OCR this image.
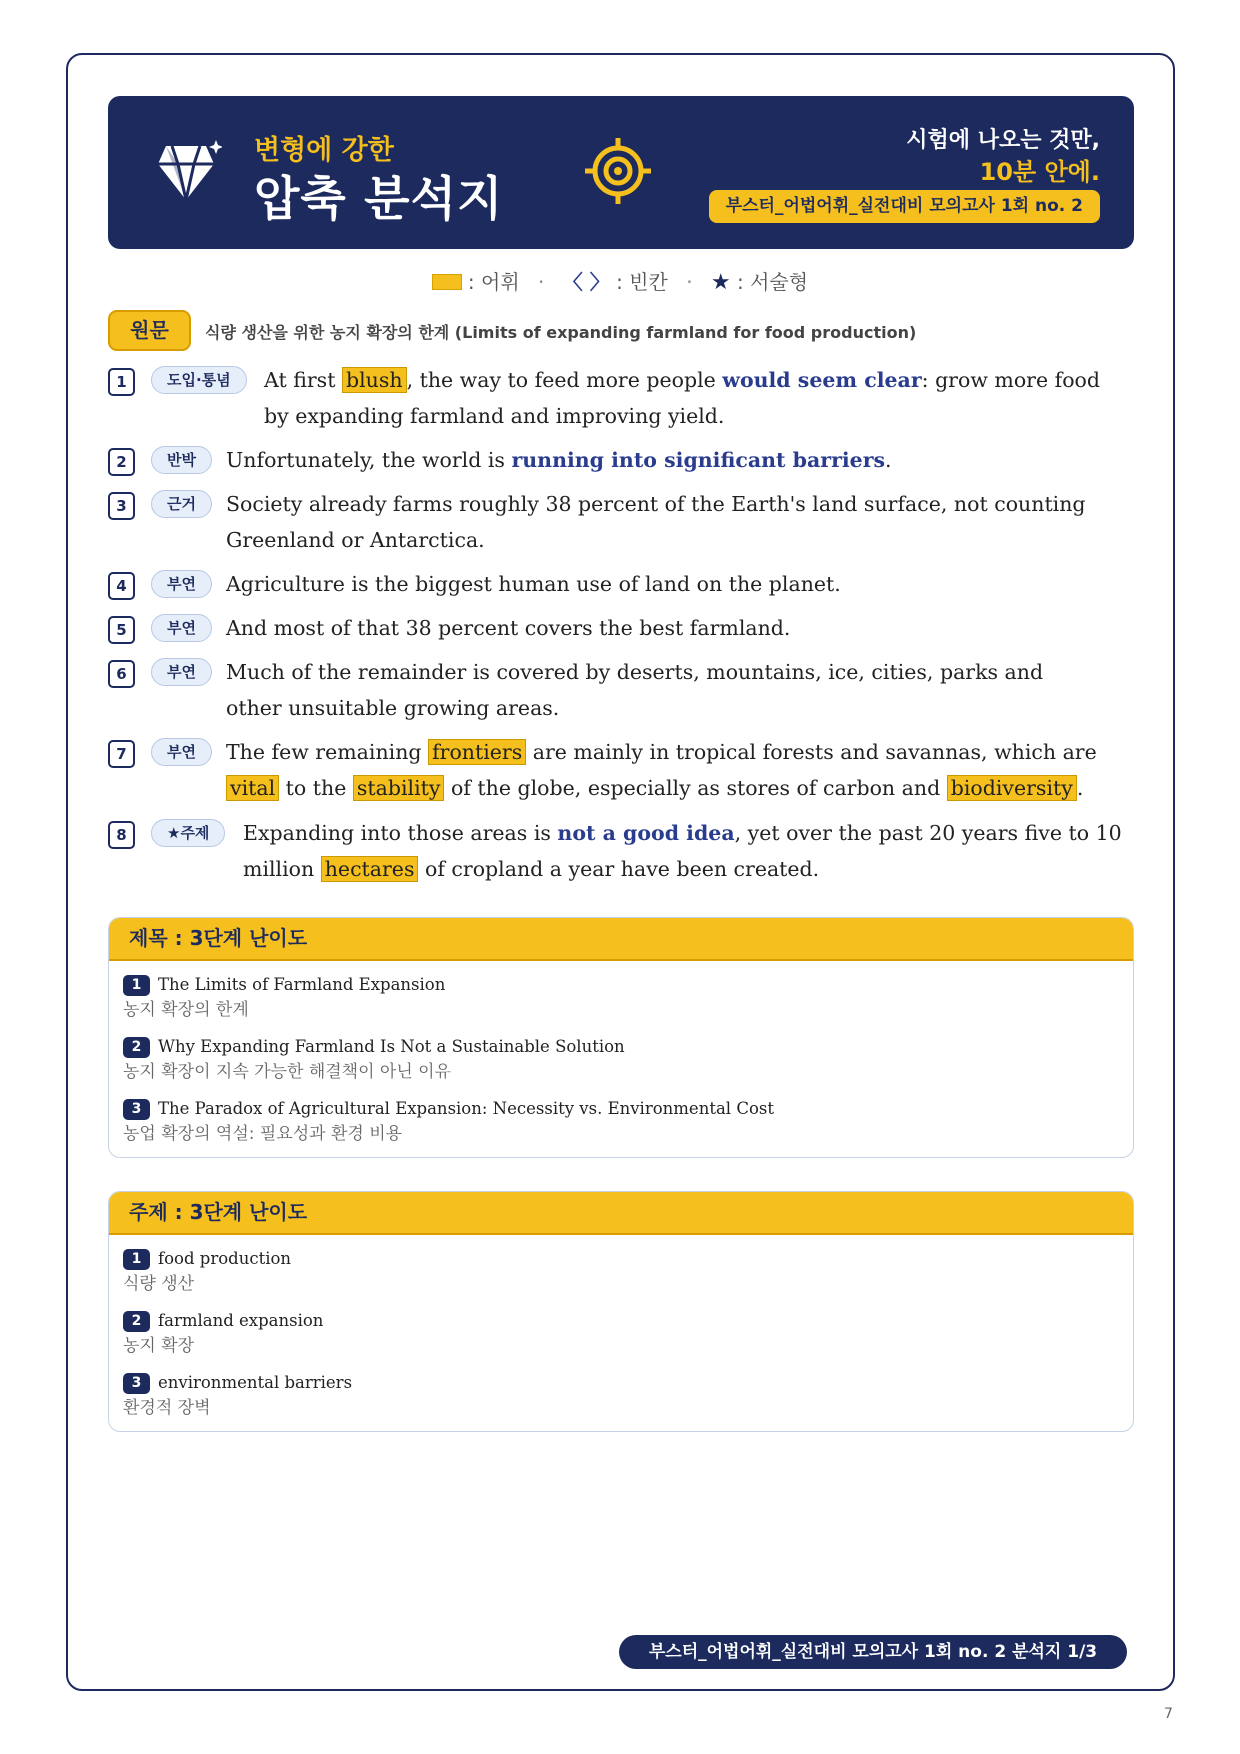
변형에 강한
압축 분석지
시험에 나오는 것만,
10분 안에.
부스터_어법어휘_실전대비 모의고사 1회 no. 2
: 어휘 · 〈 〉 : 빈칸 · ★ : 서술형
원문	식량 생산을 위한 농지 확장의 한계 (Limits of expanding farmland for food production)
1	도입·통념	At first blush , the way to feed more people would seem clear: grow more food by expanding farmland and improving yield.
2	반박	Unfortunately, the world is running into significant barriers.
3	근거	Society already farms roughly 38 percent of the Earth's land surface, not counting Greenland or Antarctica.
4	부연	Agriculture is the biggest human use of land on the planet.
5	부연	And most of that 38 percent covers the best farmland.
6	부연	Much of the remainder is covered by deserts, mountains, ice, cities, parks and other unsuitable growing areas.
7	부연	The few remaining frontiers are mainly in tropical forests and savannas, which are vital to the stability of the globe, especially as stores of carbon and biodiversity .
8	★주제	Expanding into those areas is not a good idea, yet over the past 20 years five to 10 million hectares of cropland a year have been created.
제목 : 3단계 난이도
1 The Limits of Farmland Expansion
농지 확장의 한계
2 Why Expanding Farmland Is Not a Sustainable Solution
농지 확장이 지속 가능한 해결책이 아닌 이유
3 The Paradox of Agricultural Expansion: Necessity vs. Environmental Cost
농업 확장의 역설: 필요성과 환경 비용
주제 : 3단계 난이도
1 food production
식량 생산
2 farmland expansion
농지 확장
3 environmental barriers
환경적 장벽
부스터_어법어휘_실전대비 모의고사 1회 no. 2 분석지 1/3
7
